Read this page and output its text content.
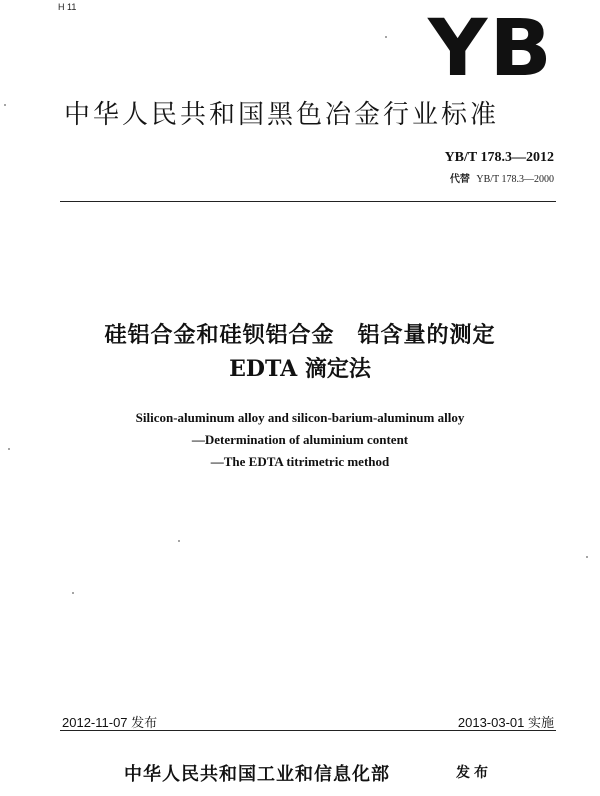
H 11	YB
中华人民共和国黑色冶金行业标准
YB/T 178.3—2012
代替 YB/T 178.3—2000
硅铝合金和硅钡铝合金　铝含量的测定
EDTA 滴定法
Silicon-aluminum alloy and silicon-barium-aluminum alloy
—Determination of aluminium content
—The EDTA titrimetric method
2012-11-07 发布	2013-03-01 实施
中华人民共和国工业和信息化部	发布
